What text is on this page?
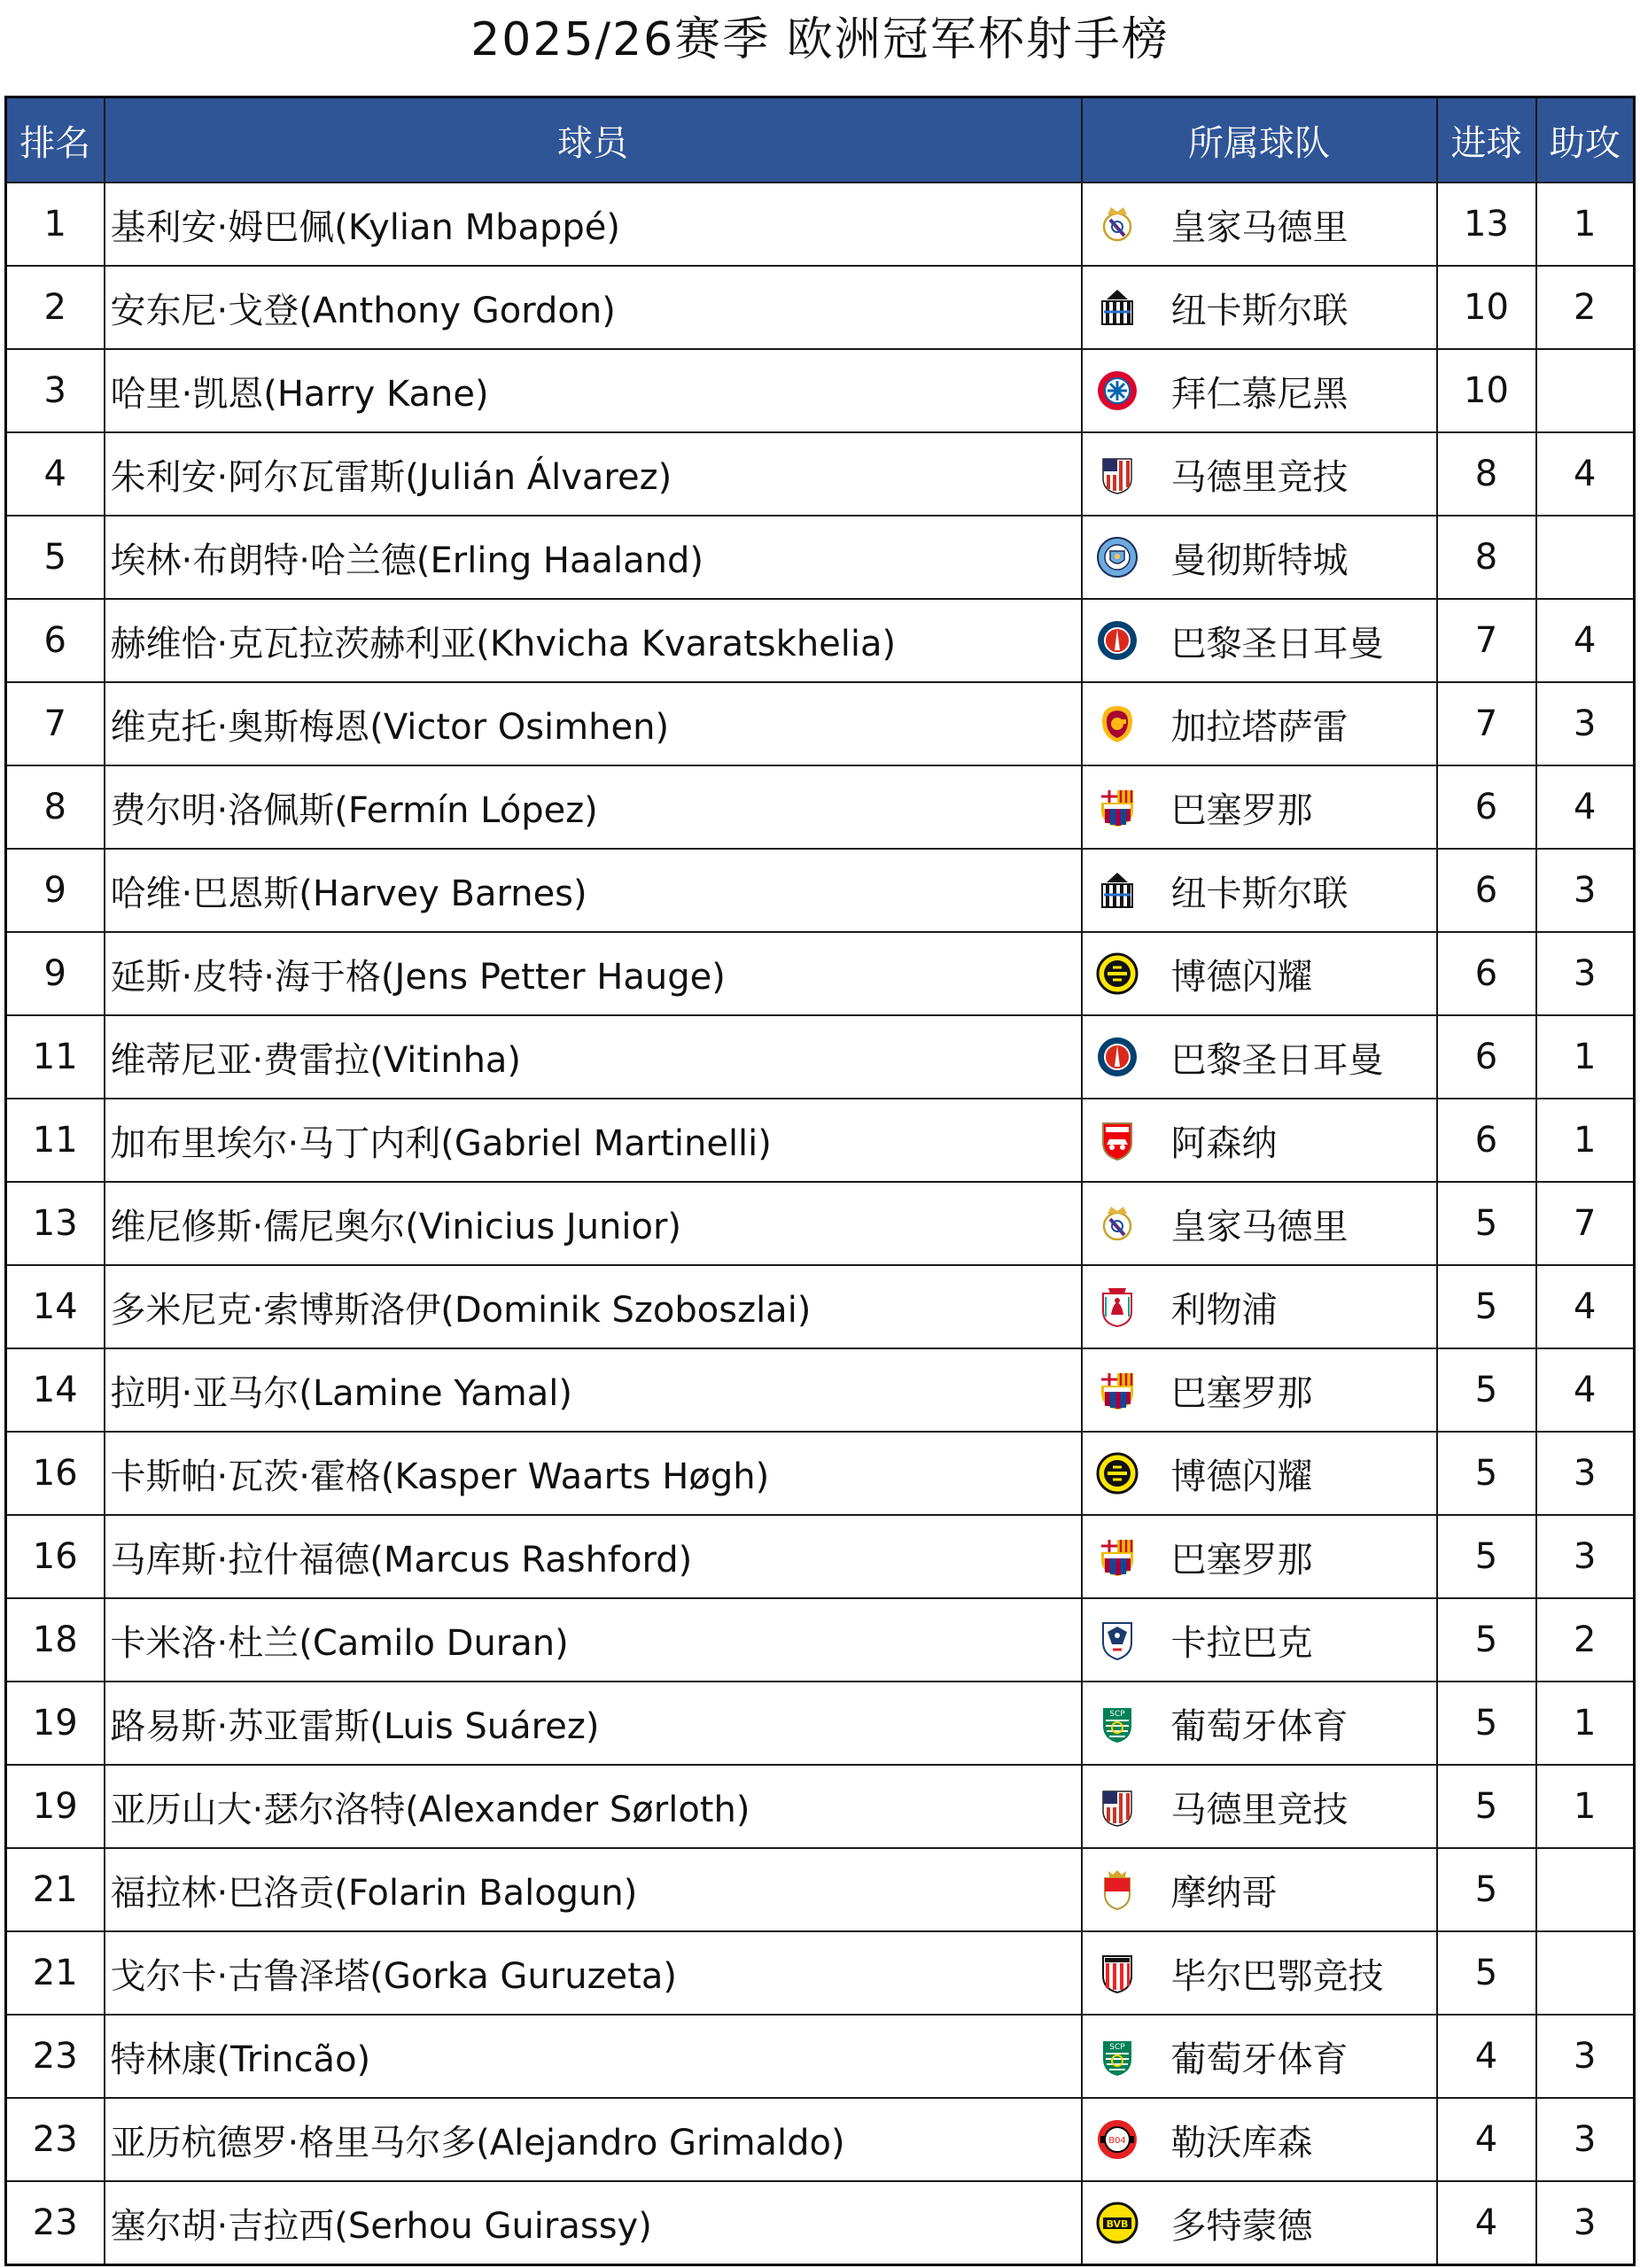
2025/26赛季 欧洲冠军杯射手榜
排名	球员	所属球队	进球	助攻
1	基利安·姆巴佩(Kylian Mbappé)	皇家马德里	13	1
2	安东尼·戈登(Anthony Gordon)	纽卡斯尔联	10	2
3	哈里·凯恩(Harry Kane)	拜仁慕尼黑	10	
4	朱利安·阿尔瓦雷斯(Julián Álvarez)	马德里竞技	8	4
5	埃林·布朗特·哈兰德(Erling Haaland)	曼彻斯特城	8	
6	赫维恰·克瓦拉茨赫利亚(Khvicha Kvaratskhelia)	巴黎圣日耳曼	7	4
7	维克托·奥斯梅恩(Victor Osimhen)	加拉塔萨雷	7	3
8	费尔明·洛佩斯(Fermín López)	巴塞罗那	6	4
9	哈维·巴恩斯(Harvey Barnes)	纽卡斯尔联	6	3
9	延斯·皮特·海于格(Jens Petter Hauge)	博德闪耀	6	3
11	维蒂尼亚·费雷拉(Vitinha)	巴黎圣日耳曼	6	1
11	加布里埃尔·马丁内利(Gabriel Martinelli)	阿森纳	6	1
13	维尼修斯·儒尼奥尔(Vinicius Junior)	皇家马德里	5	7
14	多米尼克·索博斯洛伊(Dominik Szoboszlai)	利物浦	5	4
14	拉明·亚马尔(Lamine Yamal)	巴塞罗那	5	4
16	卡斯帕·瓦茨·霍格(Kasper Waarts Høgh)	博德闪耀	5	3
16	马库斯·拉什福德(Marcus Rashford)	巴塞罗那	5	3
18	卡米洛·杜兰(Camilo Duran)	卡拉巴克	5	2
19	路易斯·苏亚雷斯(Luis Suárez)	SCP 葡萄牙体育	5	1
19	亚历山大·瑟尔洛特(Alexander Sørloth)	马德里竞技	5	1
21	福拉林·巴洛贡(Folarin Balogun)	摩纳哥	5	
21	戈尔卡·古鲁泽塔(Gorka Guruzeta)	毕尔巴鄂竞技	5	
23	特林康(Trincão)	SCP 葡萄牙体育	4	3
23	亚历杭德罗·格里马尔多(Alejandro Grimaldo)	B04 勒沃库森	4	3
23	塞尔胡·吉拉西(Serhou Guirassy)	BVB 多特蒙德	4	3
